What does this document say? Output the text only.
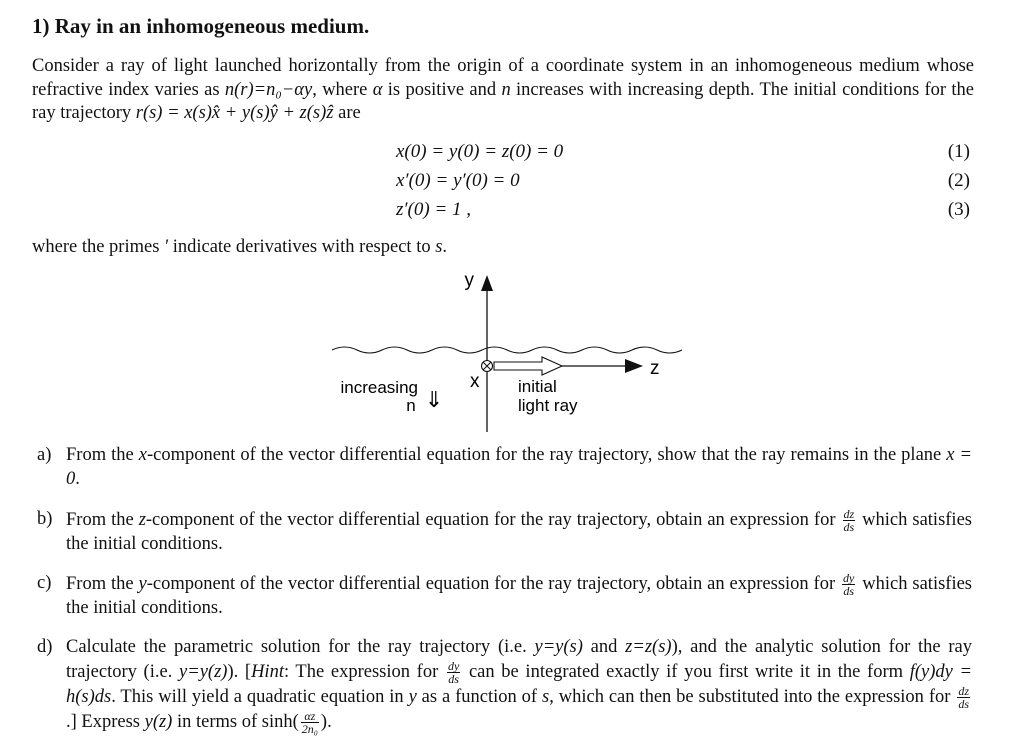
1) Ray in an inhomogeneous medium.

Consider a ray of light launched horizontally from the origin of a coordinate system in an inhomogeneous medium whose refractive index varies as n(r)=n₀−αy, where α is positive and n increases with increasing depth. The initial conditions for the ray trajectory r(s) = x(s)x̂ + y(s)ŷ + z(s)ẑ are

x(0) = y(0) = z(0) = 0	(1)
x′(0) = y′(0) = 0	(2)
z′(0) = 1 ,	(3)

where the primes ′ indicate derivatives with respect to s.

y
z
x
increasing
n ⇓
initial
light ray
a) From the x-component of the vector differential equation for the ray trajectory, show that the ray remains in the plane x = 0.
b) From the z-component of the vector differential equation for the ray trajectory, obtain an expression for $\frac{dz}{ds}$ which satisfies the initial conditions.
c) From the y-component of the vector differential equation for the ray trajectory, obtain an expression for $\frac{dy}{ds}$ which satisfies the initial conditions.
d) Calculate the parametric solution for the ray trajectory (i.e. y=y(s) and z=z(s)), and the analytic solution for the ray trajectory (i.e. y=y(z)). [Hint: The expression for $\frac{dy}{ds}$ can be integrated exactly if you first write it in the form f(y)dy = h(s)ds. This will yield a quadratic equation in y as a function of s, which can then be substituted into the expression for $\frac{dz}{ds}$
.] Express y(z) in terms of $\sinh( \frac{\alpha z}{\text{2n₀}}$ ).
